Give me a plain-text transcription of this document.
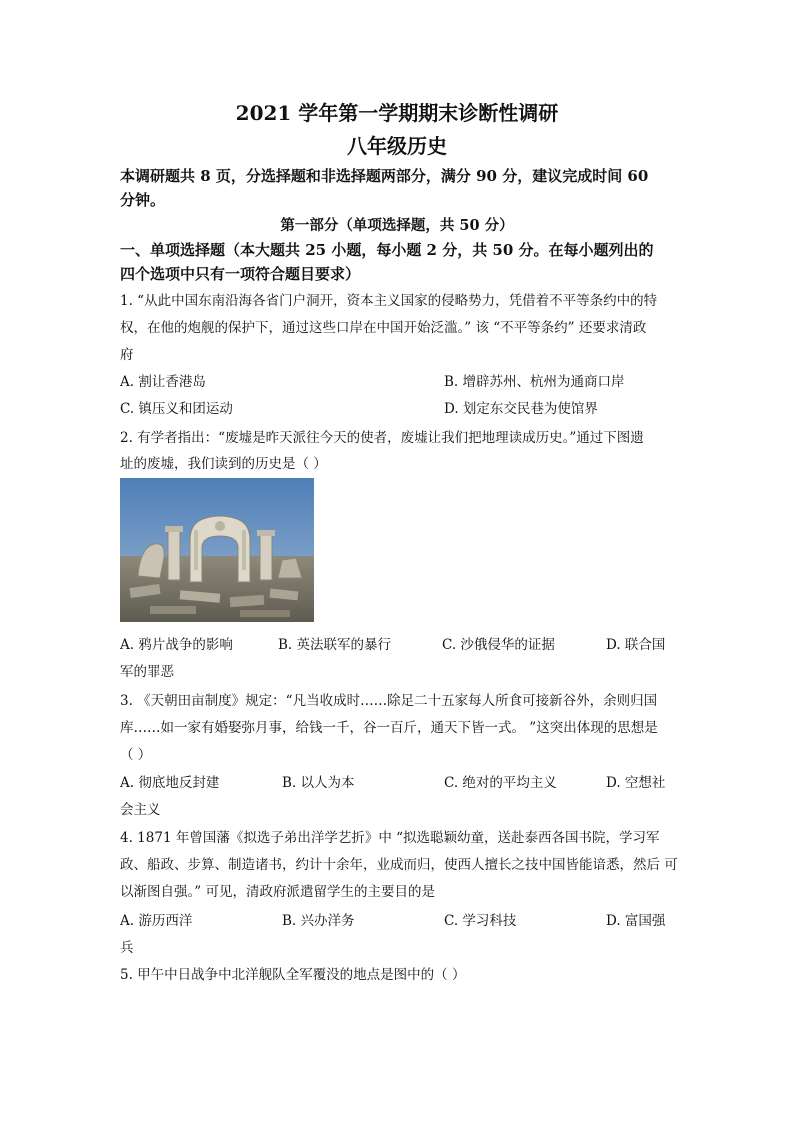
2021 学年第一学期期末诊断性调研
八年级历史
本调研题共 8 页，分选择题和非选择题两部分，满分 90 分，建议完成时间 60
分钟。
第一部分（单项选择题，共 50 分）
一、单项选择题（本大题共 25 小题，每小题 2 分，共 50 分。在每小题列出的
四个选项中只有一项符合题目要求）
1. “从此中国东南沿海各省门户洞开，资本主义国家的侵略势力，凭借着不平等条约中的特
权，在他的炮舰的保护下，通过这些口岸在中国开始泛滥。” 该 “不平等条约” 还要求清政
府
A. 割让香港岛	B. 增辟苏州、杭州为通商口岸
C. 镇压义和团运动	D. 划定东交民巷为使馆界
2. 有学者指出：“废墟是昨天派往今天的使者，废墟让我们把地理读成历史。”通过下图遗
址的废墟，我们读到的历史是（ ）
A. 鸦片战争的影响	B. 英法联军的暴行	C. 沙俄侵华的证据	D. 联合国
军的罪恶
3. 《天朝田亩制度》规定：“凡当收成时……除足二十五家每人所食可接新谷外，余则归国
库……如一家有婚娶弥月事，给钱一千，谷一百斤，通天下皆一式。 ”这突出体现的思想是
（ ）
A. 彻底地反封建	B. 以人为本	C. 绝对的平均主义	D. 空想社
会主义
4. 1871 年曾国藩《拟选子弟出洋学艺折》中 “拟选聪颖幼童，送赴泰西各国书院，学习军
政、船政、步算、制造诸书，约计十余年，业成而归，使西人擅长之技中国皆能谙悉，然后 可
以渐图自强。” 可见，清政府派遣留学生的主要目的是
A. 游历西洋	B. 兴办洋务	C. 学习科技	D. 富国强
兵
5. 甲午中日战争中北洋舰队全军覆没的地点是图中的（ ）
